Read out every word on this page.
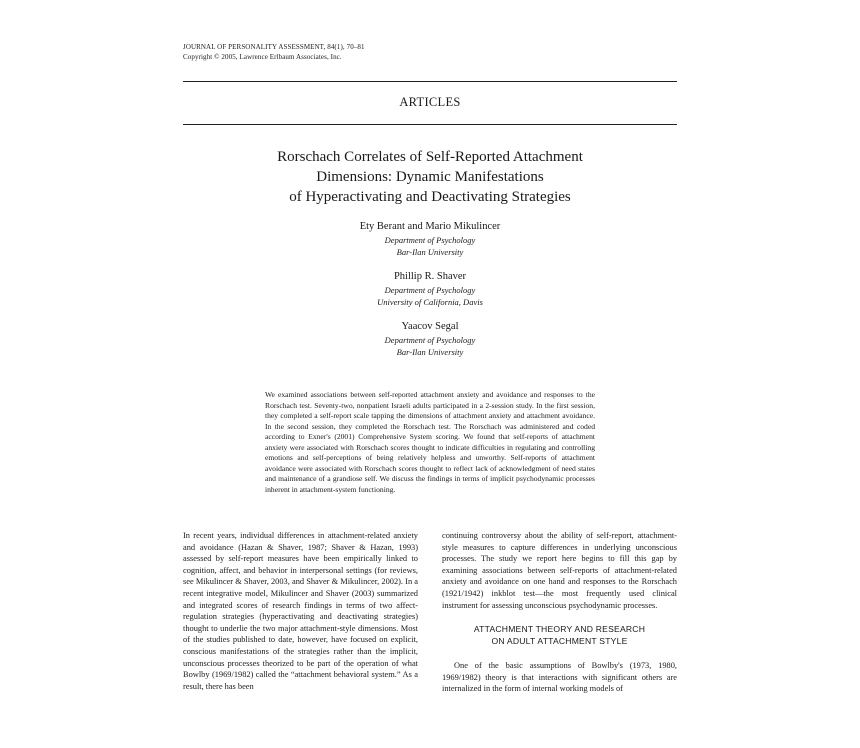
JOURNAL OF PERSONALITY ASSESSMENT, 84(1), 70–81
Copyright © 2005, Lawrence Erlbaum Associates, Inc.
ARTICLES
Rorschach Correlates of Self-Reported Attachment
Dimensions: Dynamic Manifestations
of Hyperactivating and Deactivating Strategies
Ety Berant and Mario Mikulincer
Department of Psychology
Bar-Ilan University
Phillip R. Shaver
Department of Psychology
University of California, Davis
Yaacov Segal
Department of Psychology
Bar-Ilan University

We examined associations between self-reported attachment anxiety and avoidance and responses to the Rorschach test. Seventy-two, nonpatient Israeli adults participated in a 2-session study. In the first session, they completed a self-report scale tapping the dimensions of attachment anxiety and attachment avoidance. In the second session, they completed the Rorschach test. The Rorschach was administered and coded according to Exner's (2001) Comprehensive System scoring. We found that self-reports of attachment anxiety were associated with Rorschach scores thought to indicate difficulties in regulating and controlling emotions and self-perceptions of being relatively helpless and unworthy. Self-reports of attachment avoidance were associated with Rorschach scores thought to reflect lack of acknowledgment of need states and maintenance of a grandiose self. We discuss the findings in terms of implicit psychodynamic processes inherent in attachment-system functioning.

In recent years, individual differences in attachment-related anxiety and avoidance (Hazan & Shaver, 1987; Shaver & Hazan, 1993) assessed by self-report measures have been empirically linked to cognition, affect, and behavior in interpersonal settings (for reviews, see Mikulincer & Shaver, 2003, and Shaver & Mikulincer, 2002). In a recent integrative model, Mikulincer and Shaver (2003) summarized and integrated scores of research findings in terms of two affect-regulation strategies (hyperactivating and deactivating strategies) thought to underlie the two major attachment-style dimensions. Most of the studies published to date, however, have focused on explicit, conscious manifestations of the strategies rather than the implicit, unconscious processes theorized to be part of the operation of what Bowlby (1969/1982) called the “attachment behavioral system.” As a result, there has been

continuing controversy about the ability of self-report, attachment-style measures to capture differences in underlying unconscious processes. The study we report here begins to fill this gap by examining associations between self-reports of attachment-related anxiety and avoidance on one hand and responses to the Rorschach (1921/1942) inkblot test—the most frequently used clinical instrument for assessing unconscious psychodynamic processes.

ATTACHMENT THEORY AND RESEARCH
ON ADULT ATTACHMENT STYLE

One of the basic assumptions of Bowlby's (1973, 1980, 1969/1982) theory is that interactions with significant others are internalized in the form of internal working models of
